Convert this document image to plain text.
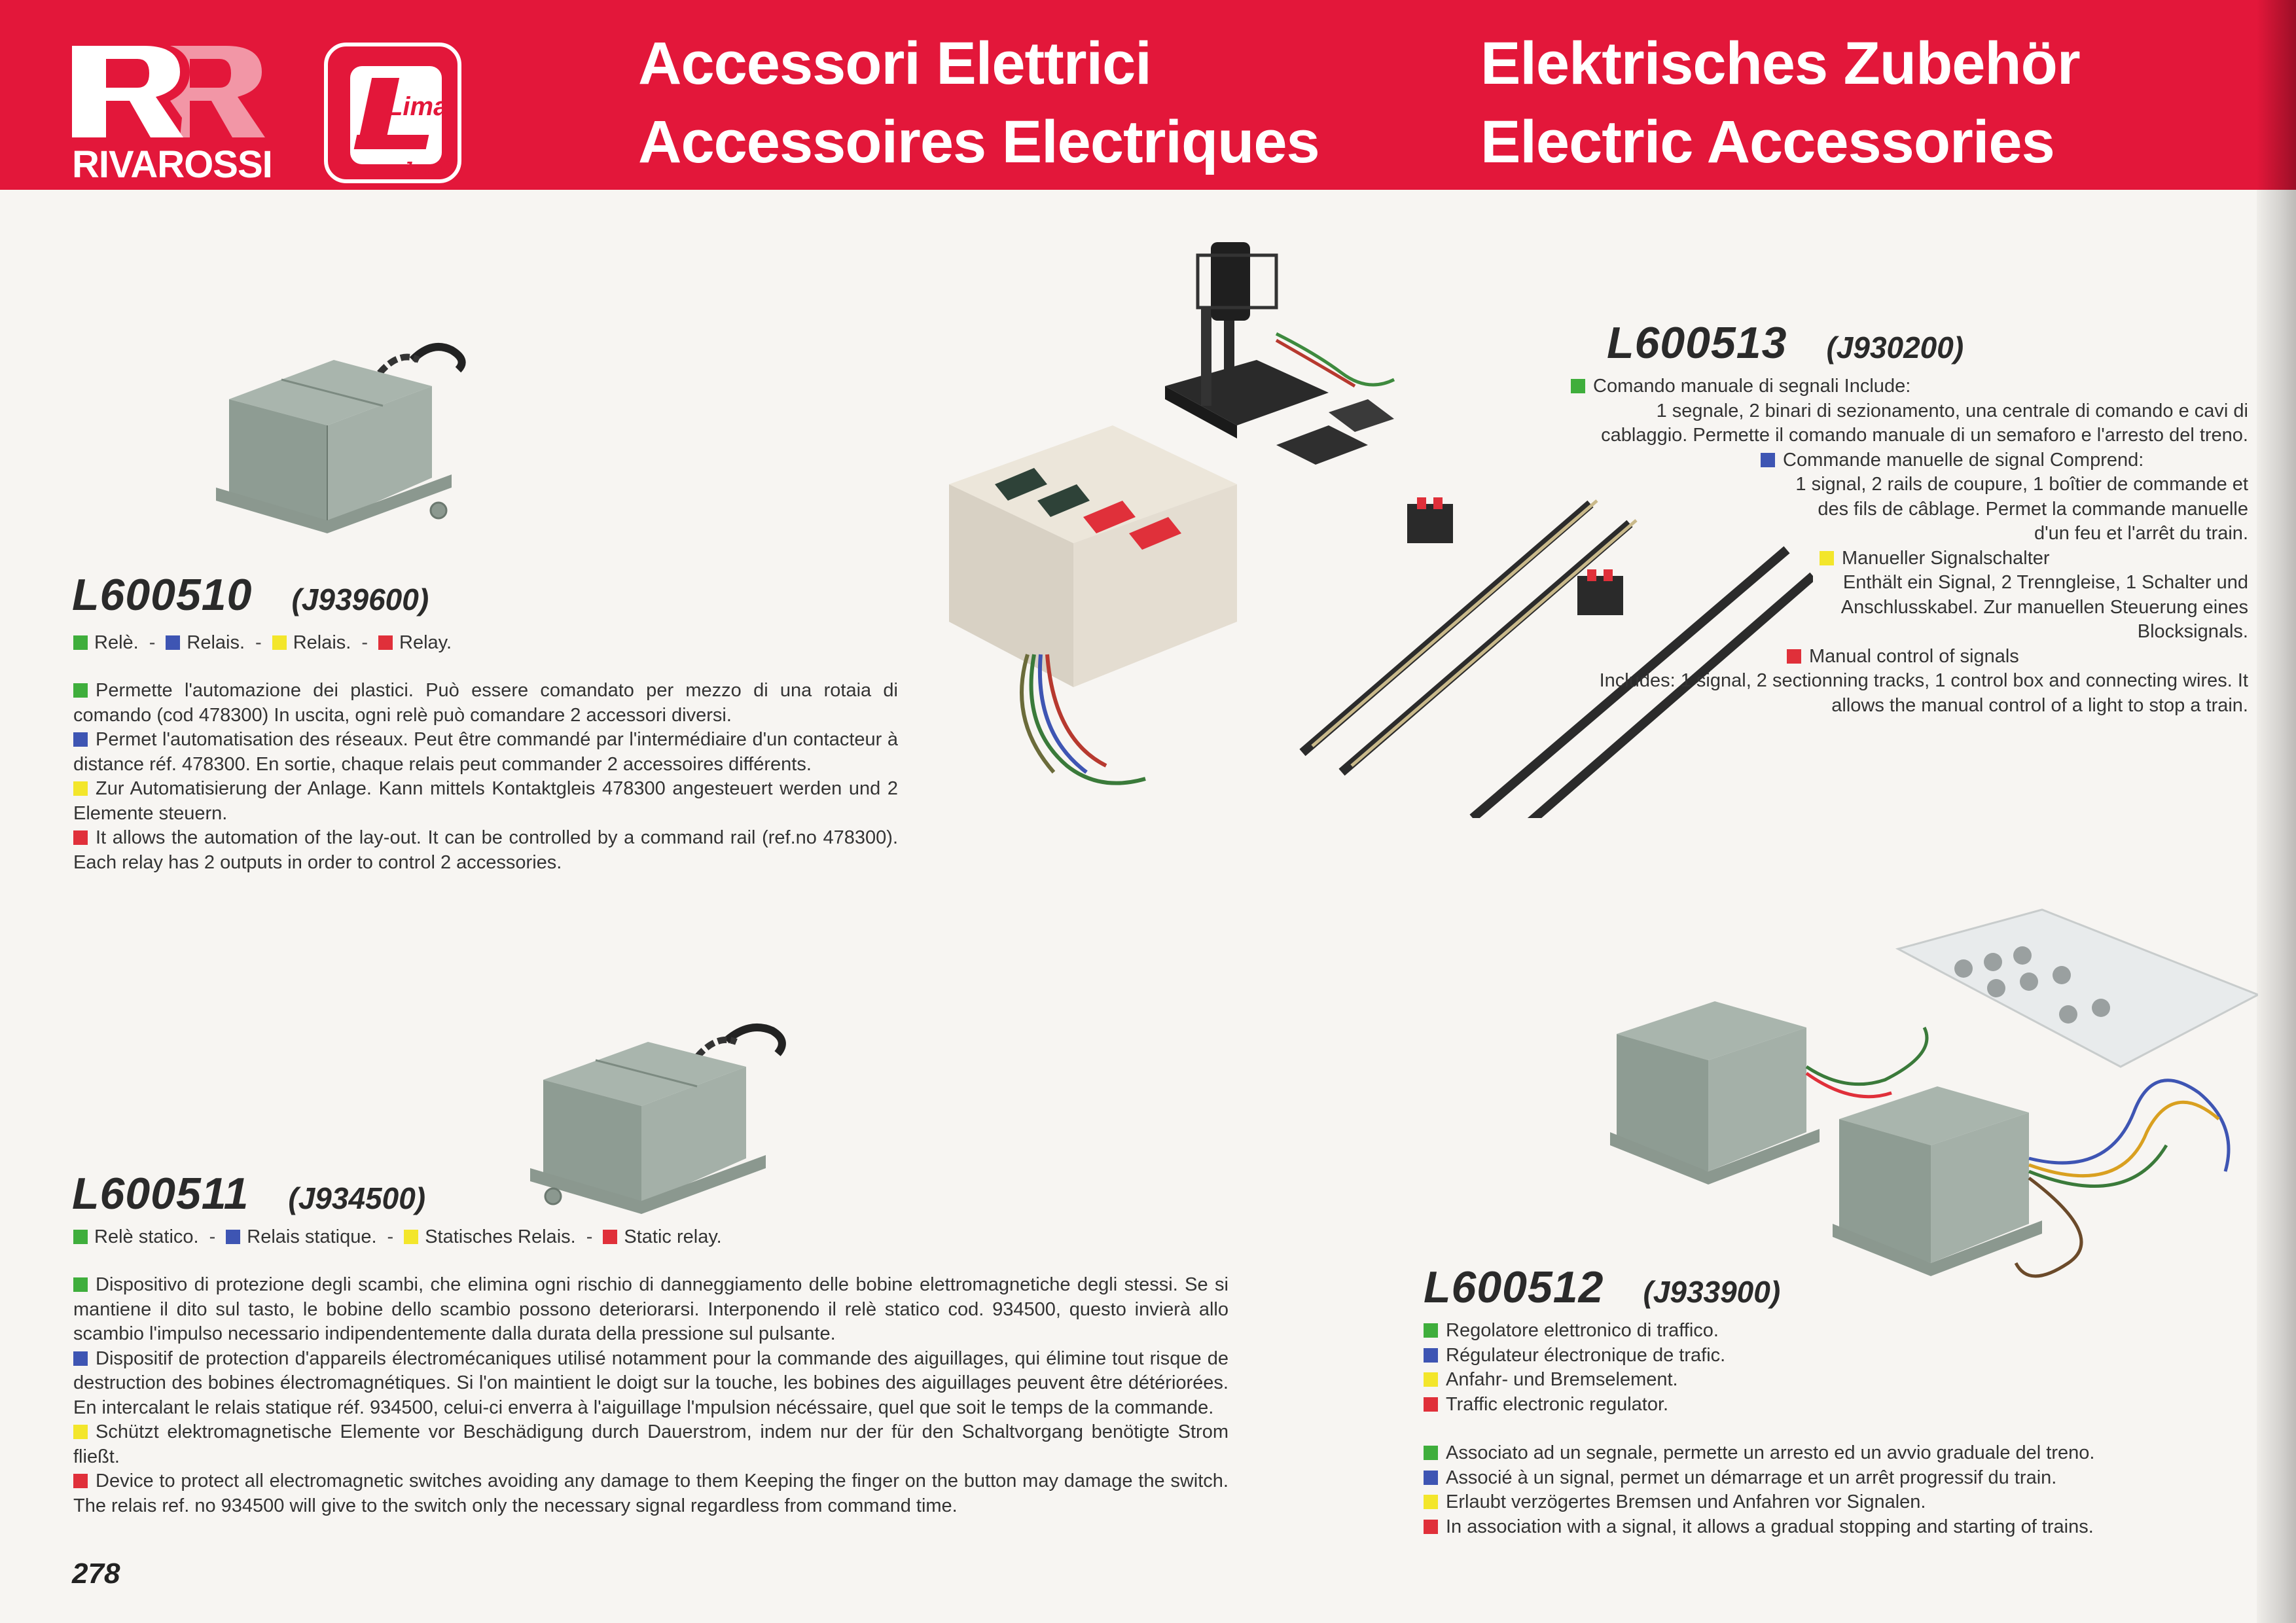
RIVAROSSI
Lima
Jouef
Accessori Elettrici
Accessoires Electriques
Elektrisches Zubehör
Electric Accessories
L600510 (J939600)
Relè. - Relais. - Relais. - Relay.

Permette l'automazione dei plastici. Può essere comandato per mezzo di una rotaia di comando (cod 478300) In uscita, ogni relè può comandare 2 accessori diversi.

Permet l'automatisation des réseaux. Peut être commandé par l'intermédiaire d'un contacteur à distance réf. 478300. En sortie, chaque relais peut commander 2 accessoires différents.

Zur Automatisierung der Anlage. Kann mittels Kontaktgleis 478300 angesteuert werden und 2 Elemente steuern.

It allows the automation of the lay-out. It can be controlled by a command rail (ref.no 478300). Each relay has 2 outputs in order to control 2 accessories.

L600511 (J934500)
Relè statico. - Relais statique. - Statisches Relais. - Static relay.

Dispositivo di protezione degli scambi, che elimina ogni rischio di danneggiamento delle bobine elettromagnetiche degli stessi. Se si mantiene il dito sul tasto, le bobine dello scambio possono deteriorarsi. Interponendo il relè statico cod. 934500, questo invierà allo scambio l'impulso necessario indipendentemente dalla durata della pressione sul pulsante.

Dispositif de protection d'appareils électromécaniques utilisé notamment pour la commande des aiguillages, qui élimine tout risque de destruction des bobines électromagnétiques. Si l'on maintient le doigt sur la touche, les bobines des aiguillages peuvent être détériorées. En intercalant le relais statique réf. 934500, celui-ci enverra à l'aiguillage l'mpulsion nécéssaire, quel que soit le temps de la commande.

Schützt elektromagnetische Elemente vor Beschädigung durch Dauerstrom, indem nur der für den Schaltvorgang benötigte Strom fließt.

Device to protect all electromagnetic switches avoiding any damage to them Keeping the finger on the button may damage the switch. The relais ref. no 934500 will give to the switch only the necessary signal regardless from command time.

278
L600513 (J930200)

Comando manuale di segnali Include:

1 segnale, 2 binari di sezionamento, una centrale di comando e cavi di cablaggio. Permette il comando manuale di un semaforo e l'arresto del treno.

Commande manuelle de signal Comprend:

1 signal, 2 rails de coupure, 1 boîtier de commande et des fils de câblage. Permet la commande manuelle d'un feu et l'arrêt du train.

Manueller Signalschalter

Enthält ein Signal, 2 Trenngleise, 1 Schalter und Anschlusskabel. Zur manuellen Steuerung eines Blocksignals.

Manual control of signals

Includes: 1 signal, 2 sectionning tracks, 1 control box and connecting wires. It allows the manual control of a light to stop a train.

L600512 (J933900)

Regolatore elettronico di traffico.

Régulateur électronique de trafic.

Anfahr- und Bremselement.

Traffic electronic regulator.

Associato ad un segnale, permette un arresto ed un avvio graduale del treno.

Associé à un signal, permet un démarrage et un arrêt progressif du train.

Erlaubt verzögertes Bremsen und Anfahren vor Signalen.

In association with a signal, it allows a gradual stopping and starting of trains.
